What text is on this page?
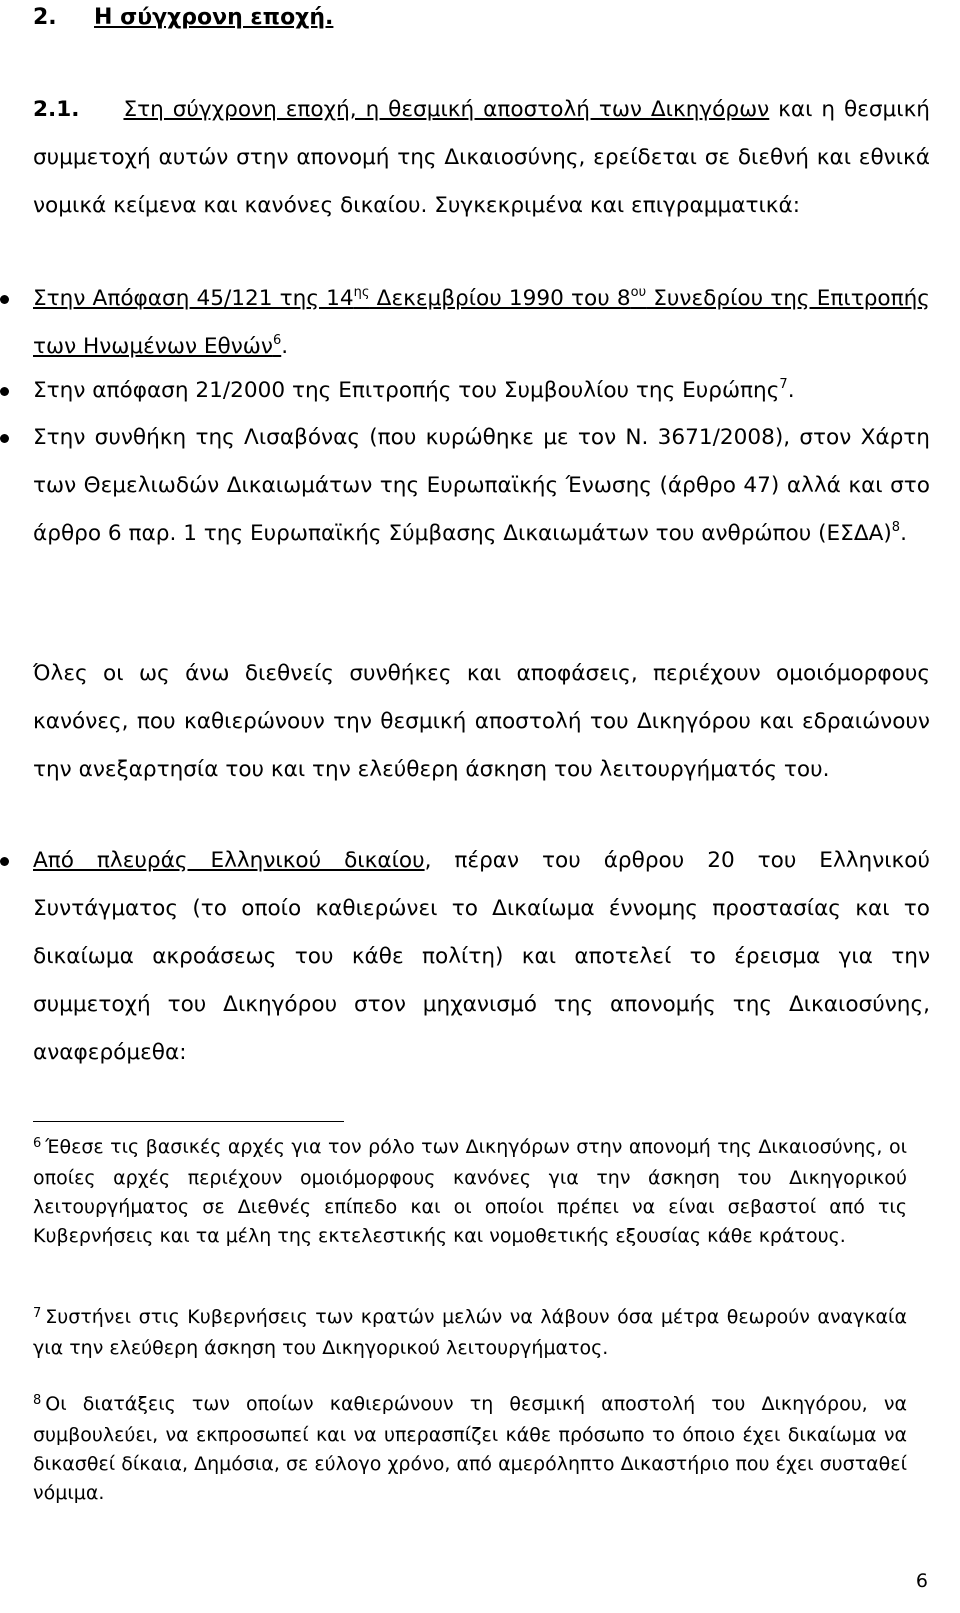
2. Η σύγχρονη εποχή.
2.1. Στη σύγχρονη εποχή, η θεσμική αποστολή των Δικηγόρων και η θεσμική συμμετοχή αυτών στην απονομή της Δικαιοσύνης, ερείδεται σε διεθνή και εθνικά νομικά κείμενα και κανόνες δικαίου. Συγκεκριμένα και επιγραμματικά:
Στην Απόφαση 45/121 της $14^{\eta\varsigma}$ Δεκεμβρίου 1990 του $8^{o\upsilon}$ Συνεδρίου της Επιτροπής των Ηνωμένων Εθνών$^6$.
Στην απόφαση 21/2000 της Επιτροπής του Συμβουλίου της Ευρώπης$^7$.
Στην συνθήκη της Λισαβόνας (που κυρώθηκε με τον Ν. 3671/2008), στον Χάρτη των Θεμελιωδών Δικαιωμάτων της Ευρωπαϊκής Ένωσης (άρθρο 47) αλλά και στο άρθρο 6 παρ. 1 της Ευρωπαϊκής Σύμβασης Δικαιωμάτων του ανθρώπου $(E\Sigma\Delta A)^8$.
Όλες οι ως άνω διεθνείς συνθήκες και αποφάσεις, περιέχουν ομοιόμορφους κανόνες, που καθιερώνουν την θεσμική αποστολή του Δικηγόρου και εδραιώνουν την ανεξαρτησία του και την ελεύθερη άσκηση του λειτουργήματός του.
Από πλευράς Ελληνικού δικαίου, πέραν του άρθρου 20 του Ελληνικού Συντάγματος (το οποίο καθιερώνει το Δικαίωμα έννομης προστασίας και το δικαίωμα ακροάσεως του κάθε πολίτη) και αποτελεί το έρεισμα για την συμμετοχή του Δικηγόρου στον μηχανισμό της απονομής της Δικαιοσύνης, αναφερόμεθα:
$^6$ Έθεσε τις βασικές αρχές για τον ρόλο των Δικηγόρων στην απονομή της Δικαιοσύνης, οι οποίες αρχές περιέχουν ομοιόμορφους κανόνες για την άσκηση του Δικηγορικού λειτουργήματος σε Διεθνές επίπεδο και οι οποίοι πρέπει να είναι σεβαστοί από τις Κυβερνήσεις και τα μέλη της εκτελεστικής και νομοθετικής εξουσίας κάθε κράτους.
$^7$ Συστήνει στις Κυβερνήσεις των κρατών μελών να λάβουν όσα μέτρα θεωρούν αναγκαία για την ελεύθερη άσκηση του Δικηγορικού λειτουργήματος.
$^8$ Οι διατάξεις των οποίων καθιερώνουν τη θεσμική αποστολή του Δικηγόρου, να συμβουλεύει, να εκπροσωπεί και να υπερασπίζει κάθε πρόσωπο το όποιο έχει δικαίωμα να δικασθεί δίκαια, Δημόσια, σε εύλογο χρόνο, από αμερόληπτο Δικαστήριο που έχει συσταθεί νόμιμα.
6
